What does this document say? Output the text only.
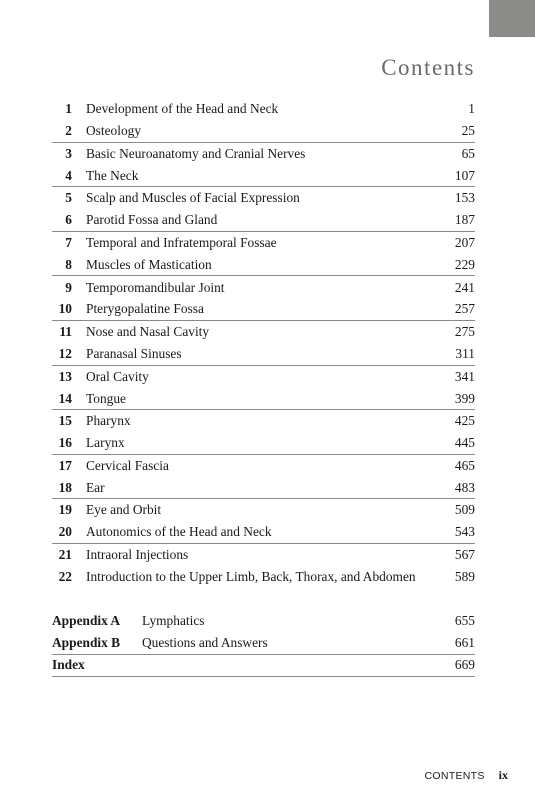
Contents
1 Development of the Head and Neck	1
2 Osteology	25
3 Basic Neuroanatomy and Cranial Nerves	65
4 The Neck	107
5 Scalp and Muscles of Facial Expression	153
6 Parotid Fossa and Gland	187
7 Temporal and Infratemporal Fossae	207
8 Muscles of Mastication	229
9 Temporomandibular Joint	241
10 Pterygopalatine Fossa	257
11 Nose and Nasal Cavity	275
12 Paranasal Sinuses	311
13 Oral Cavity	341
14 Tongue	399
15 Pharynx	425
16 Larynx	445
17 Cervical Fascia	465
18 Ear	483
19 Eye and Orbit	509
20 Autonomics of the Head and Neck	543
21 Intraoral Injections	567
22 Introduction to the Upper Limb, Back, Thorax, and Abdomen	589
Appendix A	Lymphatics	655
Appendix B	Questions and Answers	661
Index	669
CONTENTS ix
